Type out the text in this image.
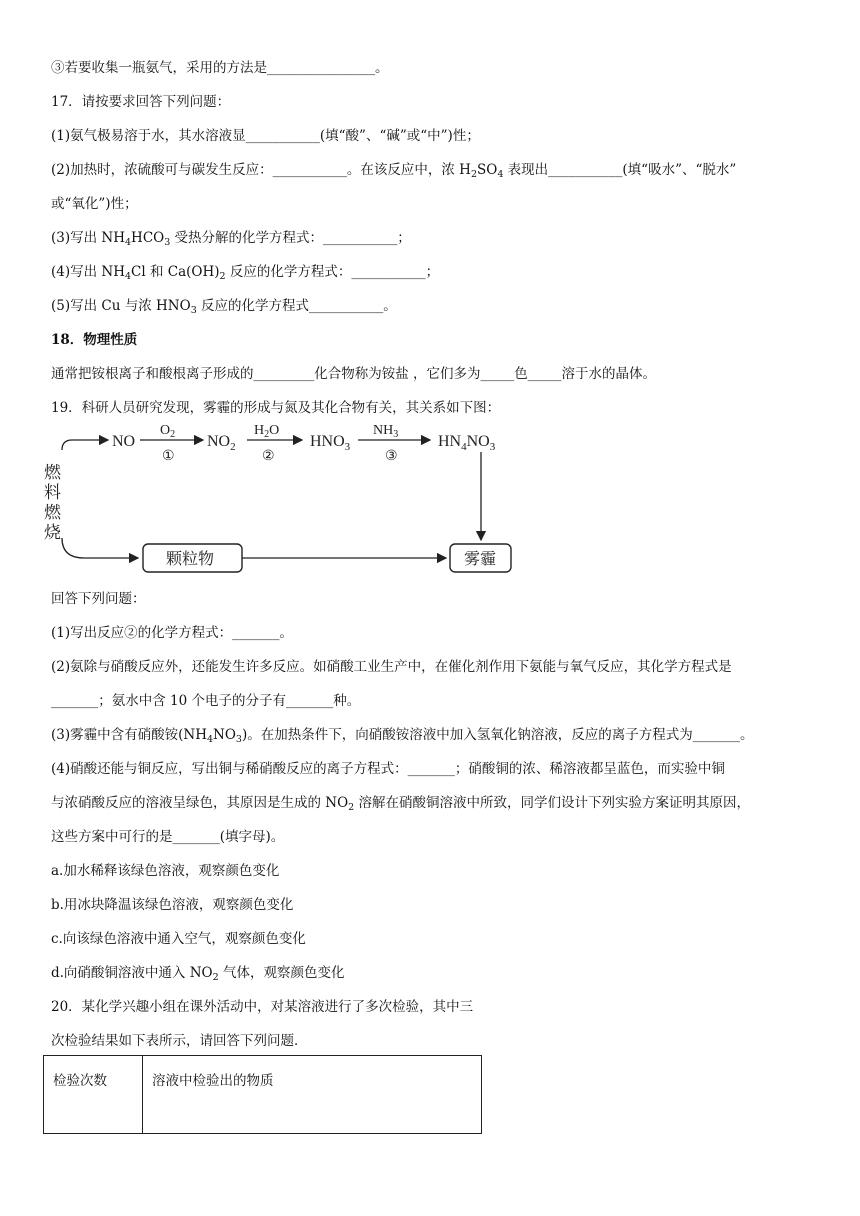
③若要收集一瓶氨气，采用的方法是________________。
17．请按要求回答下列问题：
(1)氨气极易溶于水，其水溶液显___________(填“酸”、“碱”或“中”)性；
(2)加热时，浓硫酸可与碳发生反应：___________。在该反应中，浓 $H_2SO_4$ 表现出___________(填“吸水”、“脱水”
或“氧化”)性；
(3)写出 $NH_4HCO_3$ 受热分解的化学方程式：___________；
(4)写出 $NH_4Cl$ 和 $Ca(OH)_2$ 反应的化学方程式：___________；
(5)写出 Cu 与浓 $HNO_3$ 反应的化学方程式___________。
18．物理性质
通常把铵根离子和酸根离子形成的_________化合物称为铵盐 ，它们多为_____色_____溶于水的晶体。
19．科研人员研究发现，雾霾的形成与氮及其化合物有关，其关系如下图：
燃料燃烧
NO
$O_2$
①
$NO_2$
$H_2O$
②
$HNO_3$
$NH_3$
③
$HN_4NO_3$
颗粒物	雾霾
回答下列问题：
(1)写出反应②的化学方程式：_______。
(2)氨除与硝酸反应外，还能发生许多反应。如硝酸工业生产中，在催化剂作用下氨能与氧气反应，其化学方程式是
_______；氨水中含 10 个电子的分子有_______种。
(3)雾霾中含有硝酸铵$(NH_4NO_3)$。在加热条件下，向硝酸铵溶液中加入氢氧化钠溶液，反应的离子方程式为_______。
(4)硝酸还能与铜反应，写出铜与稀硝酸反应的离子方程式：_______；硝酸铜的浓、稀溶液都呈蓝色，而实验中铜
与浓硝酸反应的溶液呈绿色，其原因是生成的 $NO_2$ 溶解在硝酸铜溶液中所致，同学们设计下列实验方案证明其原因，
这些方案中可行的是_______(填字母)。
a.加水稀释该绿色溶液，观察颜色变化
b.用冰块降温该绿色溶液，观察颜色变化
c.向该绿色溶液中通入空气，观察颜色变化
d.向硝酸铜溶液中通入 $NO_2$ 气体，观察颜色变化
20．某化学兴趣小组在课外活动中，对某溶液进行了多次检验，其中三
次检验结果如下表所示，请回答下列问题．
检验次数	溶液中检验出的物质
